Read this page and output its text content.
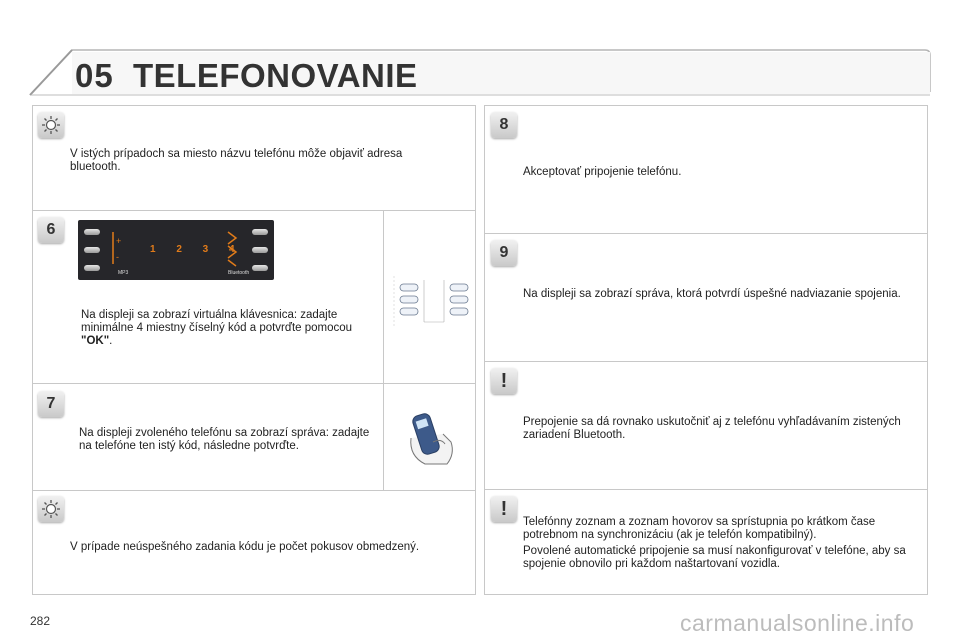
05 TELEFONOVANIE
V istých prípadoch sa miesto názvu telefónu môže objaviť adresa bluetooth.
6
+
-
1 2 3 4
MP3	Bluetooth
Na displeji sa zobrazí virtuálna klávesnica: zadajte minimálne 4 miestny číselný kód a potvrďte pomocou "OK".
7
Na displeji zvoleného telefónu sa zobrazí správa: zadajte na telefóne ten istý kód, následne potvrďte.
V prípade neúspešného zadania kódu je počet pokusov obmedzený.
8
Akceptovať pripojenie telefónu.
9
Na displeji sa zobrazí správa, ktorá potvrdí úspešné nadviazanie spojenia.
!
Prepojenie sa dá rovnako uskutočniť aj z telefónu vyhľadávaním zistených zariadení Bluetooth.
!
Telefónny zoznam a zoznam hovorov sa sprístupnia po krátkom čase potrebnom na synchronizáciu (ak je telefón kompatibilný).
Povolené automatické pripojenie sa musí nakonfigurovať v telefóne, aby sa spojenie obnovilo pri každom naštartovaní vozidla.
282	carmanualsonline.info
